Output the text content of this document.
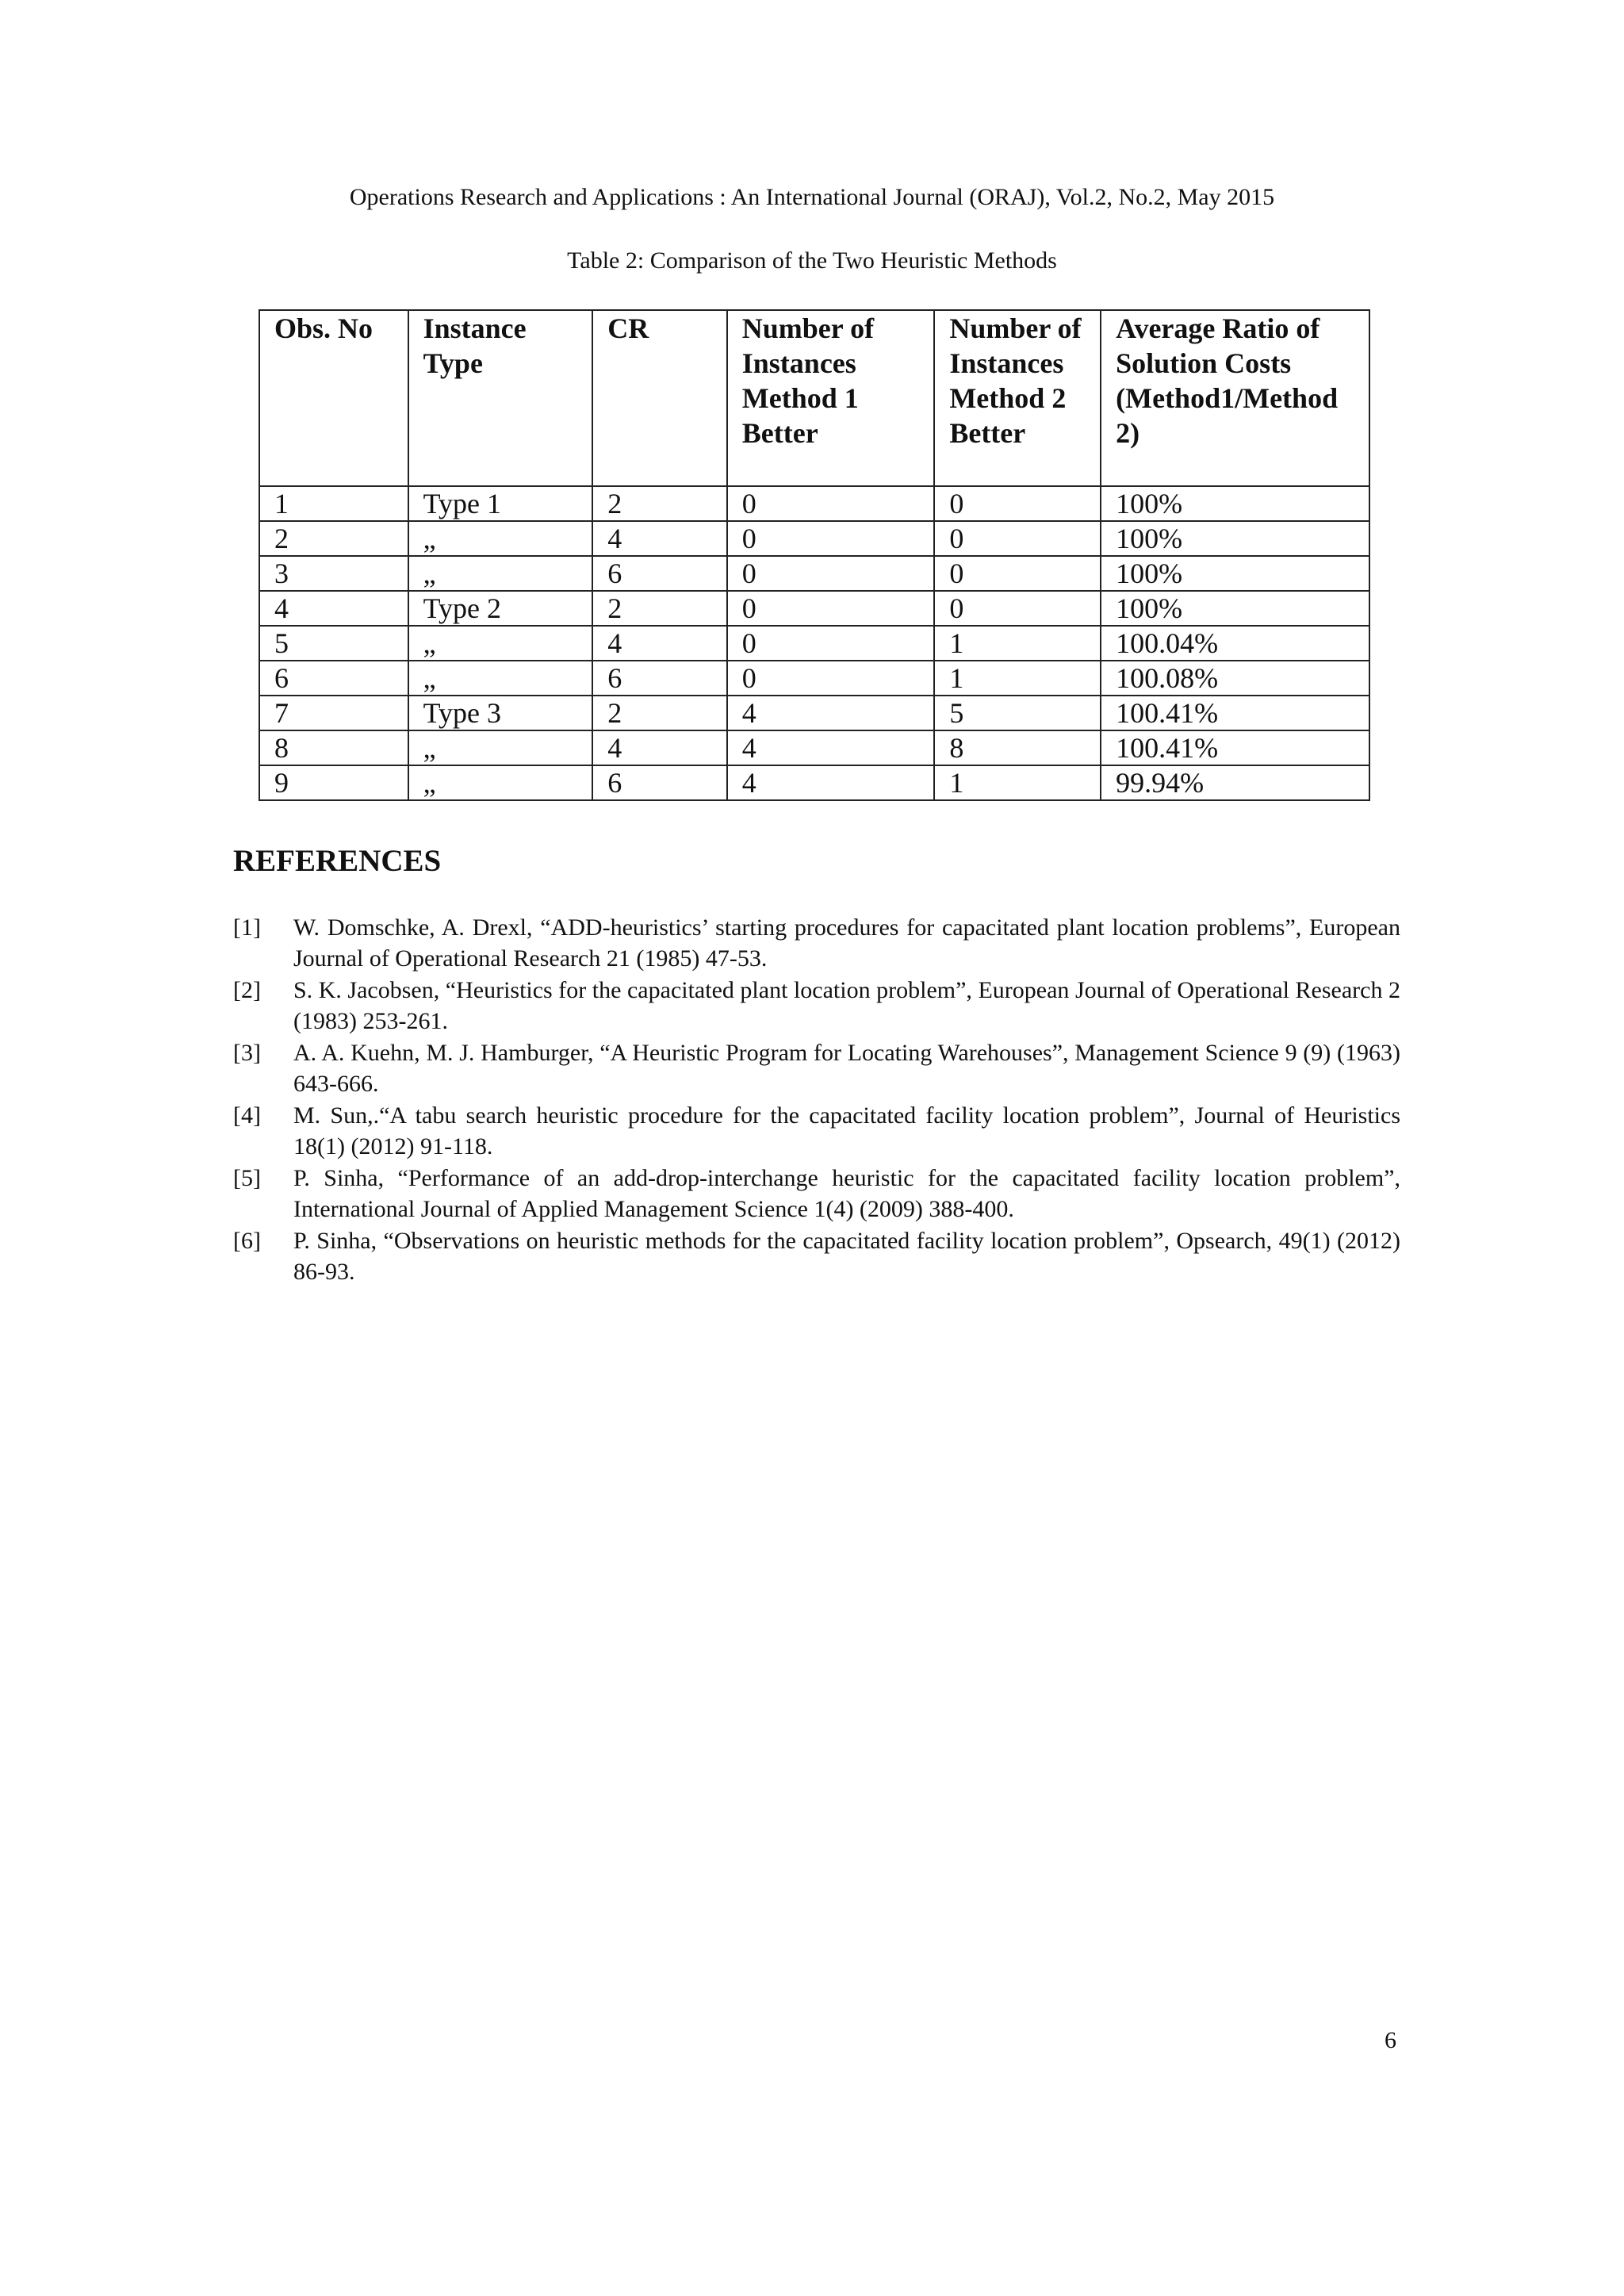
Operations Research and Applications : An International Journal (ORAJ), Vol.2, No.2, May 2015
Table 2: Comparison of the Two Heuristic Methods
Obs. No	Instance Type	CR	Number of Instances Method 1 Better	Number of Instances Method 2 Better	Average Ratio of Solution Costs (Method1/Method 2)
1	Type 1	2	0	0	100%
2	„	4	0	0	100%
3	„	6	0	0	100%
4	Type 2	2	0	0	100%
5	„	4	0	1	100.04%
6	„	6	0	1	100.08%
7	Type 3	2	4	5	100.41%
8	„	4	4	8	100.41%
9	„	6	4	1	99.94%
REFERENCES
[1]	W. Domschke, A. Drexl, “ADD-heuristics’ starting procedures for capacitated plant location problems”, European Journal of Operational Research 21 (1985) 47-53.
[2]	S. K. Jacobsen, “Heuristics for the capacitated plant location problem”, European Journal of Operational Research 2 (1983) 253-261.
[3]	A. A. Kuehn, M. J. Hamburger, “A Heuristic Program for Locating Warehouses”, Management Science 9 (9) (1963) 643-666.
[4]	M. Sun,.“A tabu search heuristic procedure for the capacitated facility location problem”, Journal of Heuristics 18(1) (2012) 91-118.
[5]	P. Sinha, “Performance of an add-drop-interchange heuristic for the capacitated facility location problem”, International Journal of Applied Management Science 1(4) (2009) 388-400.
[6]	P. Sinha, “Observations on heuristic methods for the capacitated facility location problem”, Opsearch, 49(1) (2012) 86-93.
6
